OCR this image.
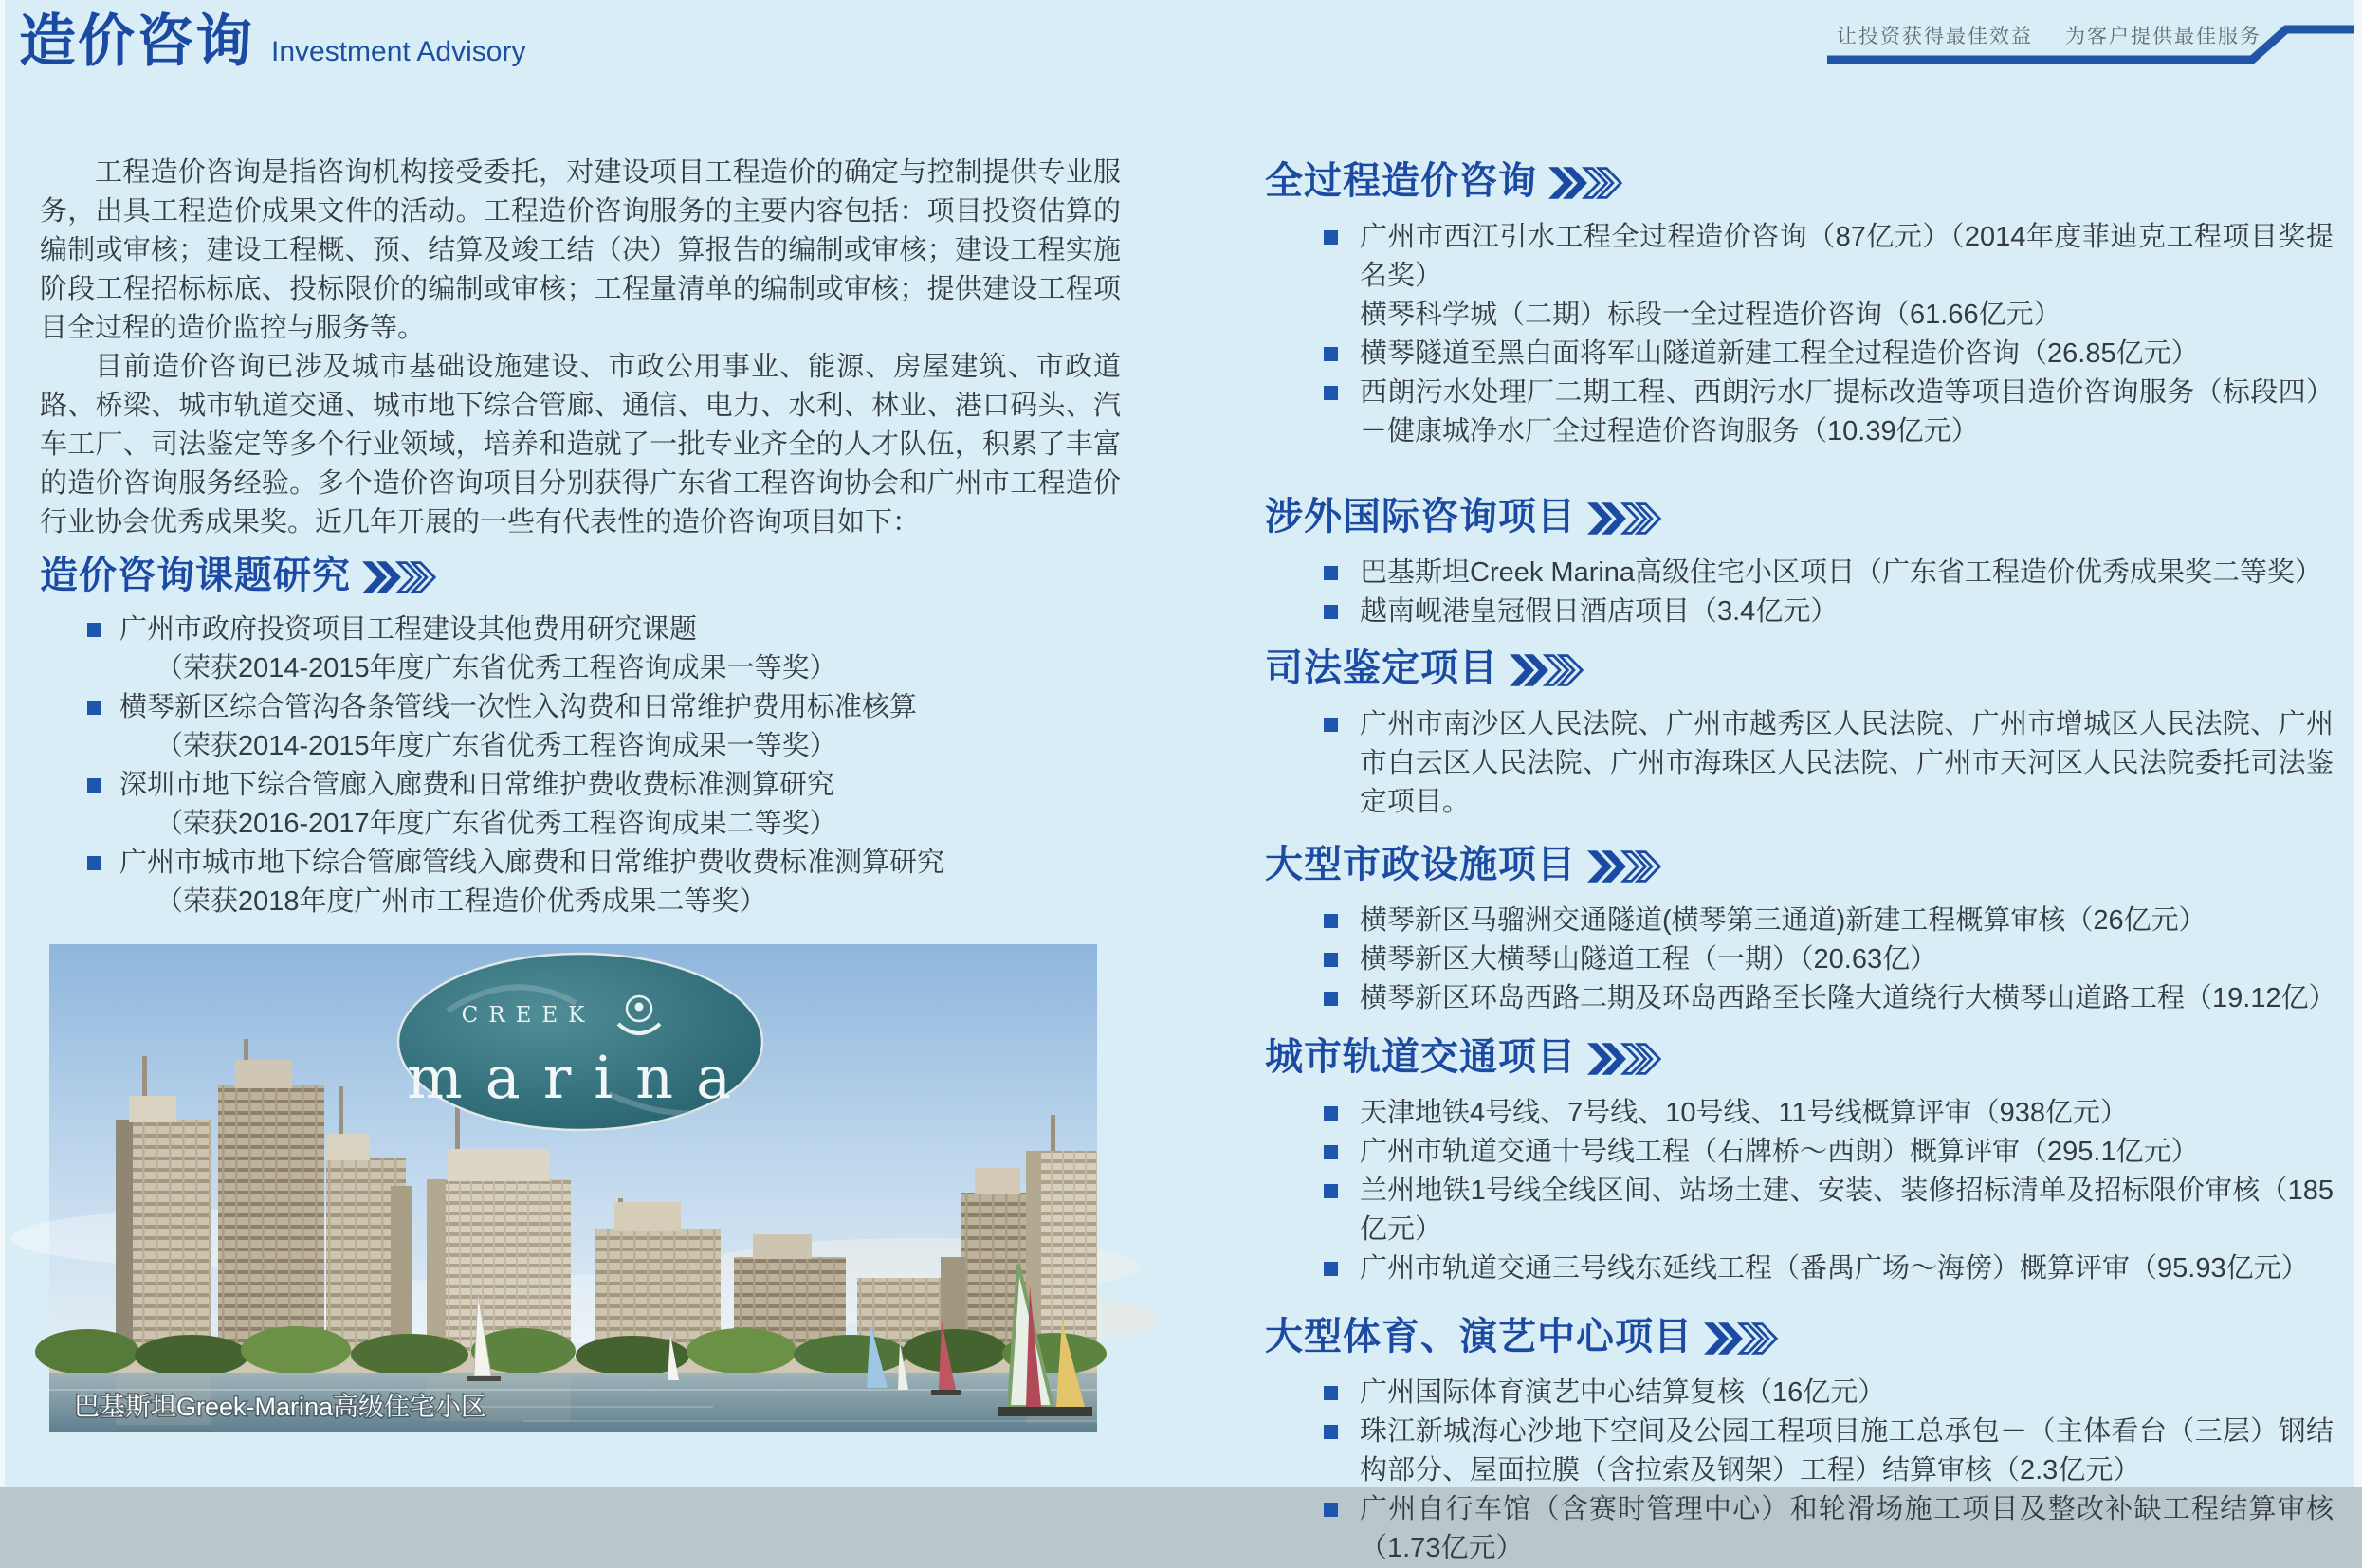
造价咨询 Investment Advisory	让投资获得最佳效益 为客户提供最佳服务

工程造价咨询是指咨询机构接受委托，对建设项目工程造价的确定与控制提供专业服务，出具工程造价成果文件的活动。工程造价咨询服务的主要内容包括：项目投资估算的编制或审核；建设工程概、预、结算及竣工结（决）算报告的编制或审核；建设工程实施阶段工程招标标底、投标限价的编制或审核；工程量清单的编制或审核；提供建设工程项目全过程的造价监控与服务等。

目前造价咨询已涉及城市基础设施建设、市政公用事业、能源、房屋建筑、市政道路、桥梁、城市轨道交通、城市地下综合管廊、通信、电力、水利、林业、港口码头、汽车工厂、司法鉴定等多个行业领域，培养和造就了一批专业齐全的人才队伍，积累了丰富的造价咨询服务经验。多个造价咨询项目分别获得广东省工程咨询协会和广州市工程造价行业协会优秀成果奖。近几年开展的一些有代表性的造价咨询项目如下：

造价咨询课题研究
广州市政府投资项目工程建设其他费用研究课题
（荣获2014-2015年度广东省优秀工程咨询成果一等奖）
横琴新区综合管沟各条管线一次性入沟费和日常维护费用标准核算
（荣获2014-2015年度广东省优秀工程咨询成果一等奖）
深圳市地下综合管廊入廊费和日常维护费收费标准测算研究
（荣获2016-2017年度广东省优秀工程咨询成果二等奖）
广州市城市地下综合管廊管线入廊费和日常维护费收费标准测算研究
（荣获2018年度广州市工程造价优秀成果二等奖）
CREEK
marina
巴基斯坦Greek-Marina高级住宅小区
全过程造价咨询
广州市西江引水工程全过程造价咨询（87亿元）（2014年度菲迪克工程项目奖提名奖）
横琴科学城（二期）标段一全过程造价咨询（61.66亿元）
横琴隧道至黑白面将军山隧道新建工程全过程造价咨询（26.85亿元）
西朗污水处理厂二期工程、西朗污水厂提标改造等项目造价咨询服务（标段四）－健康城净水厂全过程造价咨询服务（10.39亿元）
涉外国际咨询项目
巴基斯坦Creek Marina高级住宅小区项目（广东省工程造价优秀成果奖二等奖）
越南岘港皇冠假日酒店项目（3.4亿元）
司法鉴定项目
广州市南沙区人民法院、广州市越秀区人民法院、广州市增城区人民法院、广州市白云区人民法院、广州市海珠区人民法院、广州市天河区人民法院委托司法鉴定项目。
大型市政设施项目
横琴新区马骝洲交通隧道(横琴第三通道)新建工程概算审核（26亿元）
横琴新区大横琴山隧道工程（一期）（20.63亿）
横琴新区环岛西路二期及环岛西路至长隆大道绕行大横琴山道路工程（19.12亿）
城市轨道交通项目
天津地铁4号线、7号线、10号线、11号线概算评审（938亿元）
广州市轨道交通十号线工程（石牌桥～西朗）概算评审（295.1亿元）
兰州地铁1号线全线区间、站场土建、安装、装修招标清单及招标限价审核（185亿元）
广州市轨道交通三号线东延线工程（番禺广场～海傍）概算评审（95.93亿元）
大型体育、演艺中心项目
广州国际体育演艺中心结算复核（16亿元）
珠江新城海心沙地下空间及公园工程项目施工总承包－（主体看台（三层）钢结构部分、屋面拉膜（含拉索及钢架）工程）结算审核（2.3亿元）
广州自行车馆（含赛时管理中心）和轮滑场施工项目及整改补缺工程结算审核（1.73亿元）
